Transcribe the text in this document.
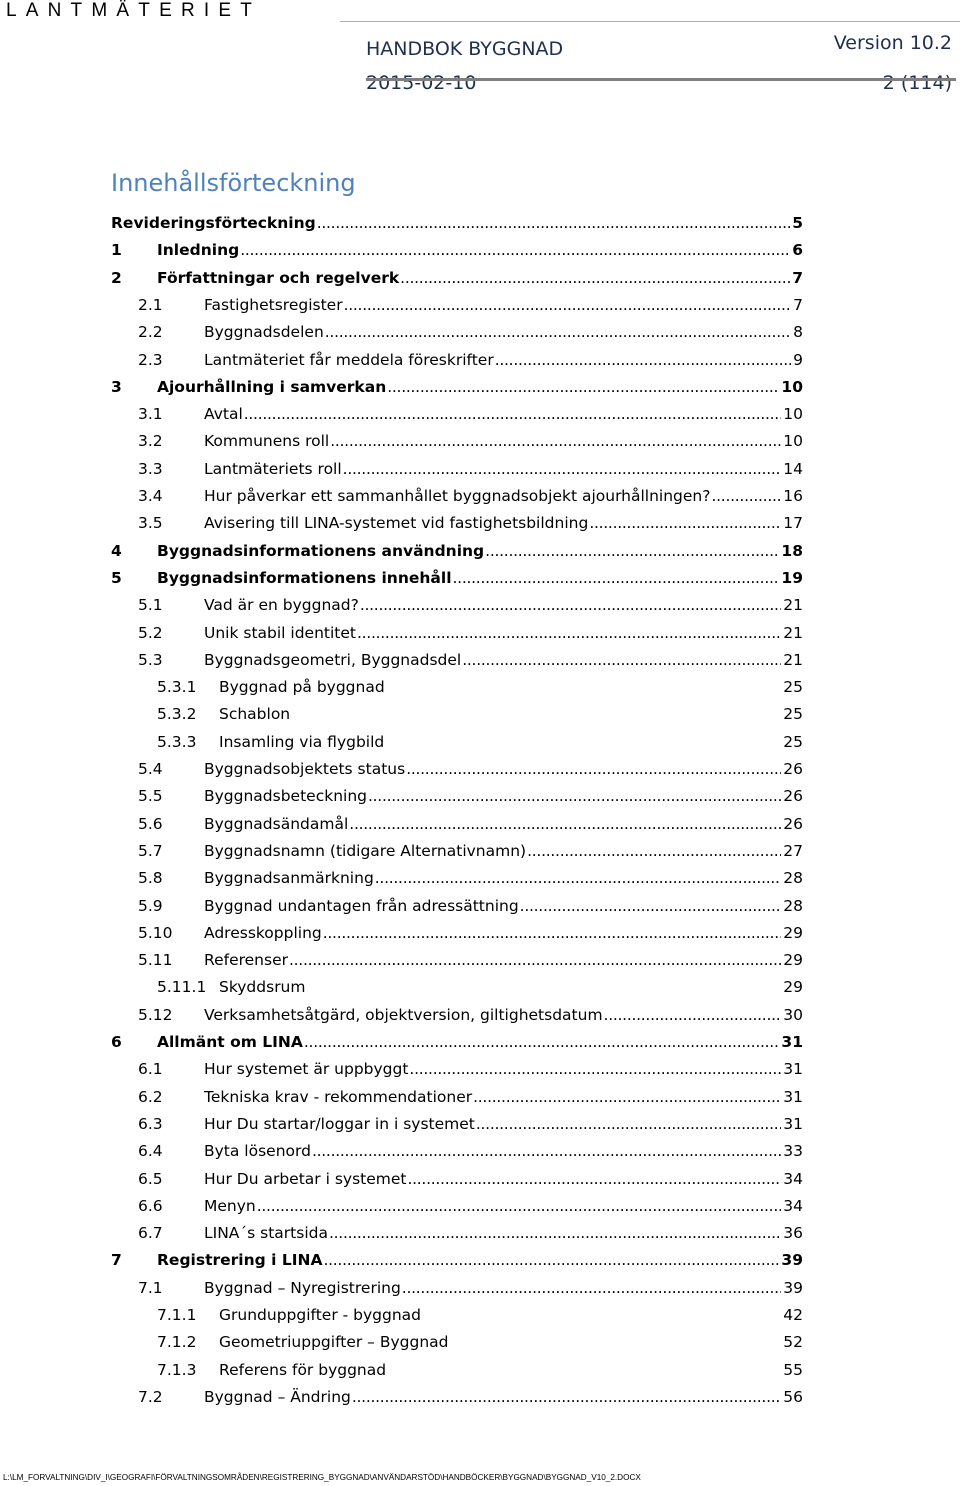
LANTMÄTERIET
HANDBOK BYGGNAD	Version 10.2
2015-02-10	2 (114)
Innehållsförteckning
Revideringsförteckning . . .	5
1	Inledning . . .	6
2	Författningar och regelverk . . .	7
2.1	Fastighetsregister . . .	7
2.2	Byggnadsdelen . . .	8
2.3	Lantmäteriet får meddela föreskrifter . . .	9
3	Ajourhållning i samverkan . . .	10
3.1	Avtal . . .	10
3.2	Kommunens roll . . .	10
3.3	Lantmäteriets roll . . .	14
3.4	Hur påverkar ett sammanhållet byggnadsobjekt ajourhållningen? . . .	16
3.5	Avisering till LINA-systemet vid fastighetsbildning . . .	17
4	Byggnadsinformationens användning . . .	18
5	Byggnadsinformationens innehåll . . .	19
5.1	Vad är en byggnad? . . .	21
5.2	Unik stabil identitet . . .	21
5.3	Byggnadsgeometri, Byggnadsdel . . .	21
5.3.1	Byggnad på byggnad	25
5.3.2	Schablon	25
5.3.3	Insamling via flygbild	25
5.4	Byggnadsobjektets status . . .	26
5.5	Byggnadsbeteckning . . .	26
5.6	Byggnadsändamål . . .	26
5.7	Byggnadsnamn (tidigare Alternativnamn) . . .	27
5.8	Byggnadsanmärkning . . .	28
5.9	Byggnad undantagen från adressättning . . .	28
5.10	Adresskoppling . . .	29
5.11	Referenser . . .	29
5.11.1 Skyddsrum	29
5.12	Verksamhetsåtgärd, objektversion, giltighetsdatum . . .	30
6	Allmänt om LINA . . .	31
6.1	Hur systemet är uppbyggt . . .	31
6.2	Tekniska krav - rekommendationer . . .	31
6.3	Hur Du startar/loggar in i systemet . . .	31
6.4	Byta lösenord . . .	33
6.5	Hur Du arbetar i systemet . . .	34
6.6	Menyn . . .	34
6.7	LINA´s startsida . . .	36
7	Registrering i LINA . . .	39
7.1	Byggnad – Nyregistrering . . .	39
7.1.1	Grunduppgifter - byggnad	42
7.1.2	Geometriuppgifter – Byggnad	52
7.1.3	Referens för byggnad	55
7.2	Byggnad – Ändring . . .	56
L:\LM_FORVALTNING\DIV_I\GEOGRAFI\FÖRVALTNINGSOMRÅDEN\REGISTRERING_BYGGNAD\ANVÄNDARSTÖD\HANDBÖCKER\BYGGNAD\BYGGNAD_V10_2.DOCX
